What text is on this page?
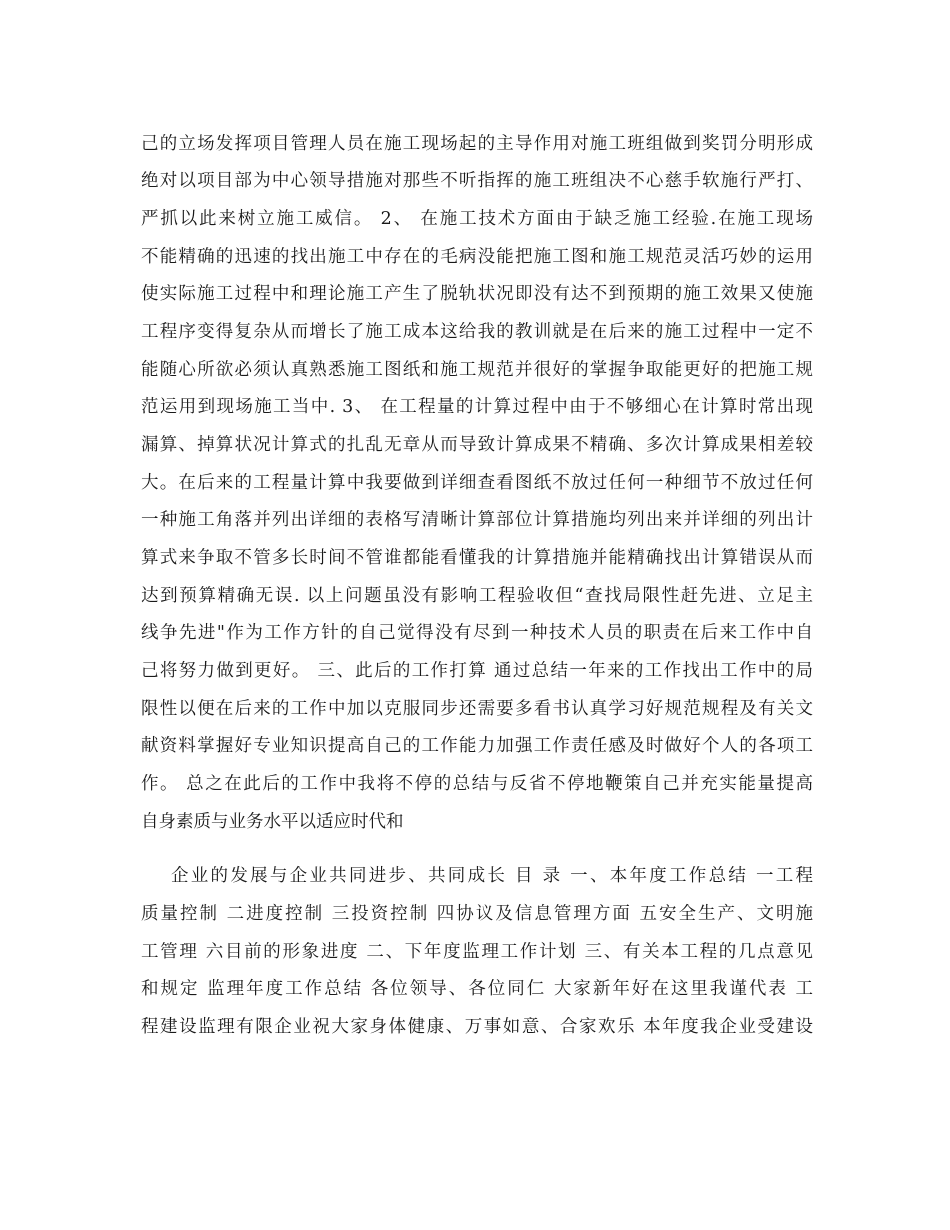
己的立场发挥项目管理人员在施工现场起的主导作用对施工班组做到奖罚分明形成
绝对以项目部为中心领导措施对那些不听指挥的施工班组决不心慈手软施行严打、
严抓以此来树立施工威信。 2、 在施工技术方面由于缺乏施工经验.在施工现场
不能精确的迅速的找出施工中存在的毛病没能把施工图和施工规范灵活巧妙的运用
使实际施工过程中和理论施工产生了脱轨状况即没有达不到预期的施工效果又使施
工程序变得复杂从而增长了施工成本这给我的教训就是在后来的施工过程中一定不
能随心所欲必须认真熟悉施工图纸和施工规范并很好的掌握争取能更好的把施工规
范运用到现场施工当中. 3、 在工程量的计算过程中由于不够细心在计算时常出现
漏算、掉算状况计算式的扎乱无章从而导致计算成果不精确、多次计算成果相差较
大。在后来的工程量计算中我要做到详细查看图纸不放过任何一种细节不放过任何
一种施工角落并列出详细的表格写清晰计算部位计算措施均列出来并详细的列出计
算式来争取不管多长时间不管谁都能看懂我的计算措施并能精确找出计算错误从而
达到预算精确无误. 以上问题虽没有影响工程验收但“查找局限性赶先进、立足主
线争先进"作为工作方针的自己觉得没有尽到一种技术人员的职责在后来工作中自
己将努力做到更好。 三、此后的工作打算 通过总结一年来的工作找出工作中的局
限性以便在后来的工作中加以克服同步还需要多看书认真学习好规范规程及有关文
献资料掌握好专业知识提高自己的工作能力加强工作责任感及时做好个人的各项工
作。 总之在此后的工作中我将不停的总结与反省不停地鞭策自己并充实能量提高
自身素质与业务水平以适应时代和
企业的发展与企业共同进步、共同成长 目 录 一、本年度工作总结 一工程
质量控制 二进度控制 三投资控制 四协议及信息管理方面 五安全生产、文明施
工管理 六目前的形象进度 二、下年度监理工作计划 三、有关本工程的几点意见
和规定 监理年度工作总结 各位领导、各位同仁 大家新年好在这里我谨代表 工
程建设监理有限企业祝大家身体健康、万事如意、合家欢乐 本年度我企业受建设
